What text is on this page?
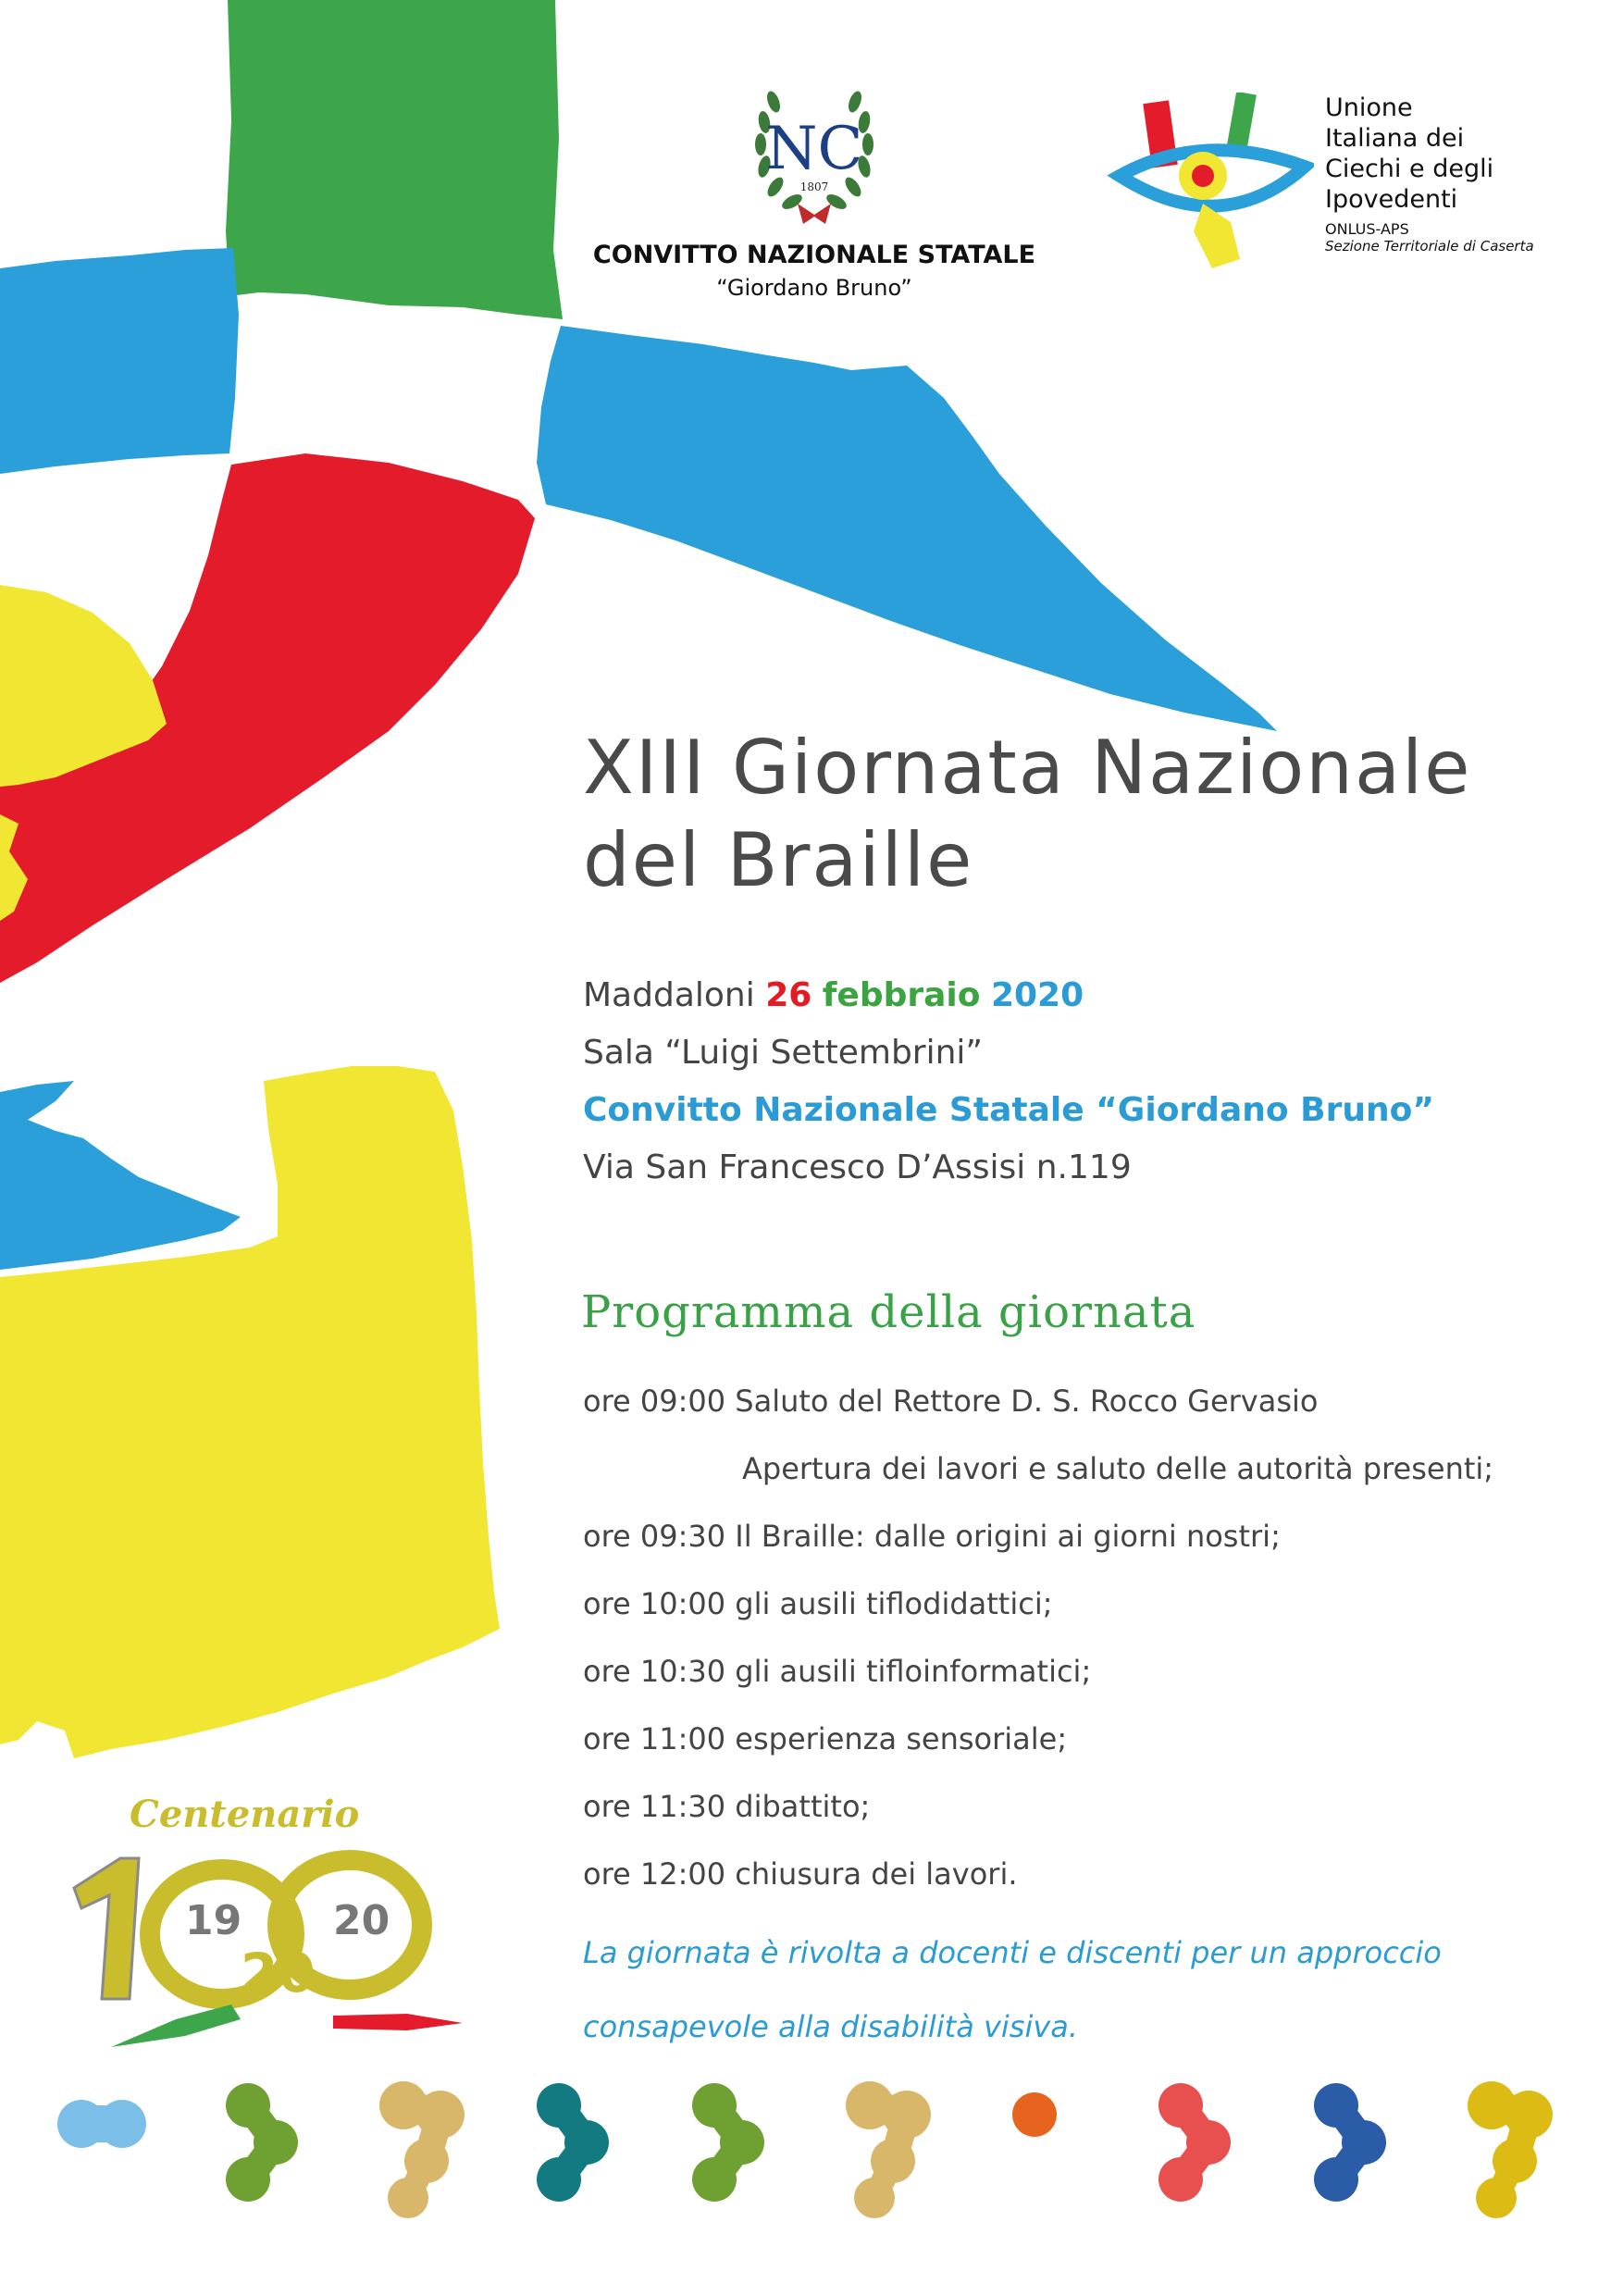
NC
1807
CONVITTO NAZIONALE STATALE
“Giordano Bruno”
Unione
Italiana dei
Ciechi e degli
Ipovedenti
ONLUS-APS
Sezione Territoriale di Caserta
XIII Giornata Nazionale
del Braille
Maddaloni 26 febbraio 2020
Sala “Luigi Settembrini”
Convitto Nazionale Statale “Giordano Bruno”
Via San Francesco D’Assisi n.119
Programma della giornata
ore 09:00 Saluto del Rettore D. S. Rocco Gervasio
Apertura dei lavori e saluto delle autorità presenti;
ore 09:30 Il Braille: dalle origini ai giorni nostri;
ore 10:00 gli ausili tiflodidattici;
ore 10:30 gli ausili tifloinformatici;
ore 11:00 esperienza sensoriale;
ore 11:30 dibattito;
ore 12:00 chiusura dei lavori.
La giornata è rivolta a docenti e discenti per un approccio
consapevole alla disabilità visiva.
Centenario
19 20
20
